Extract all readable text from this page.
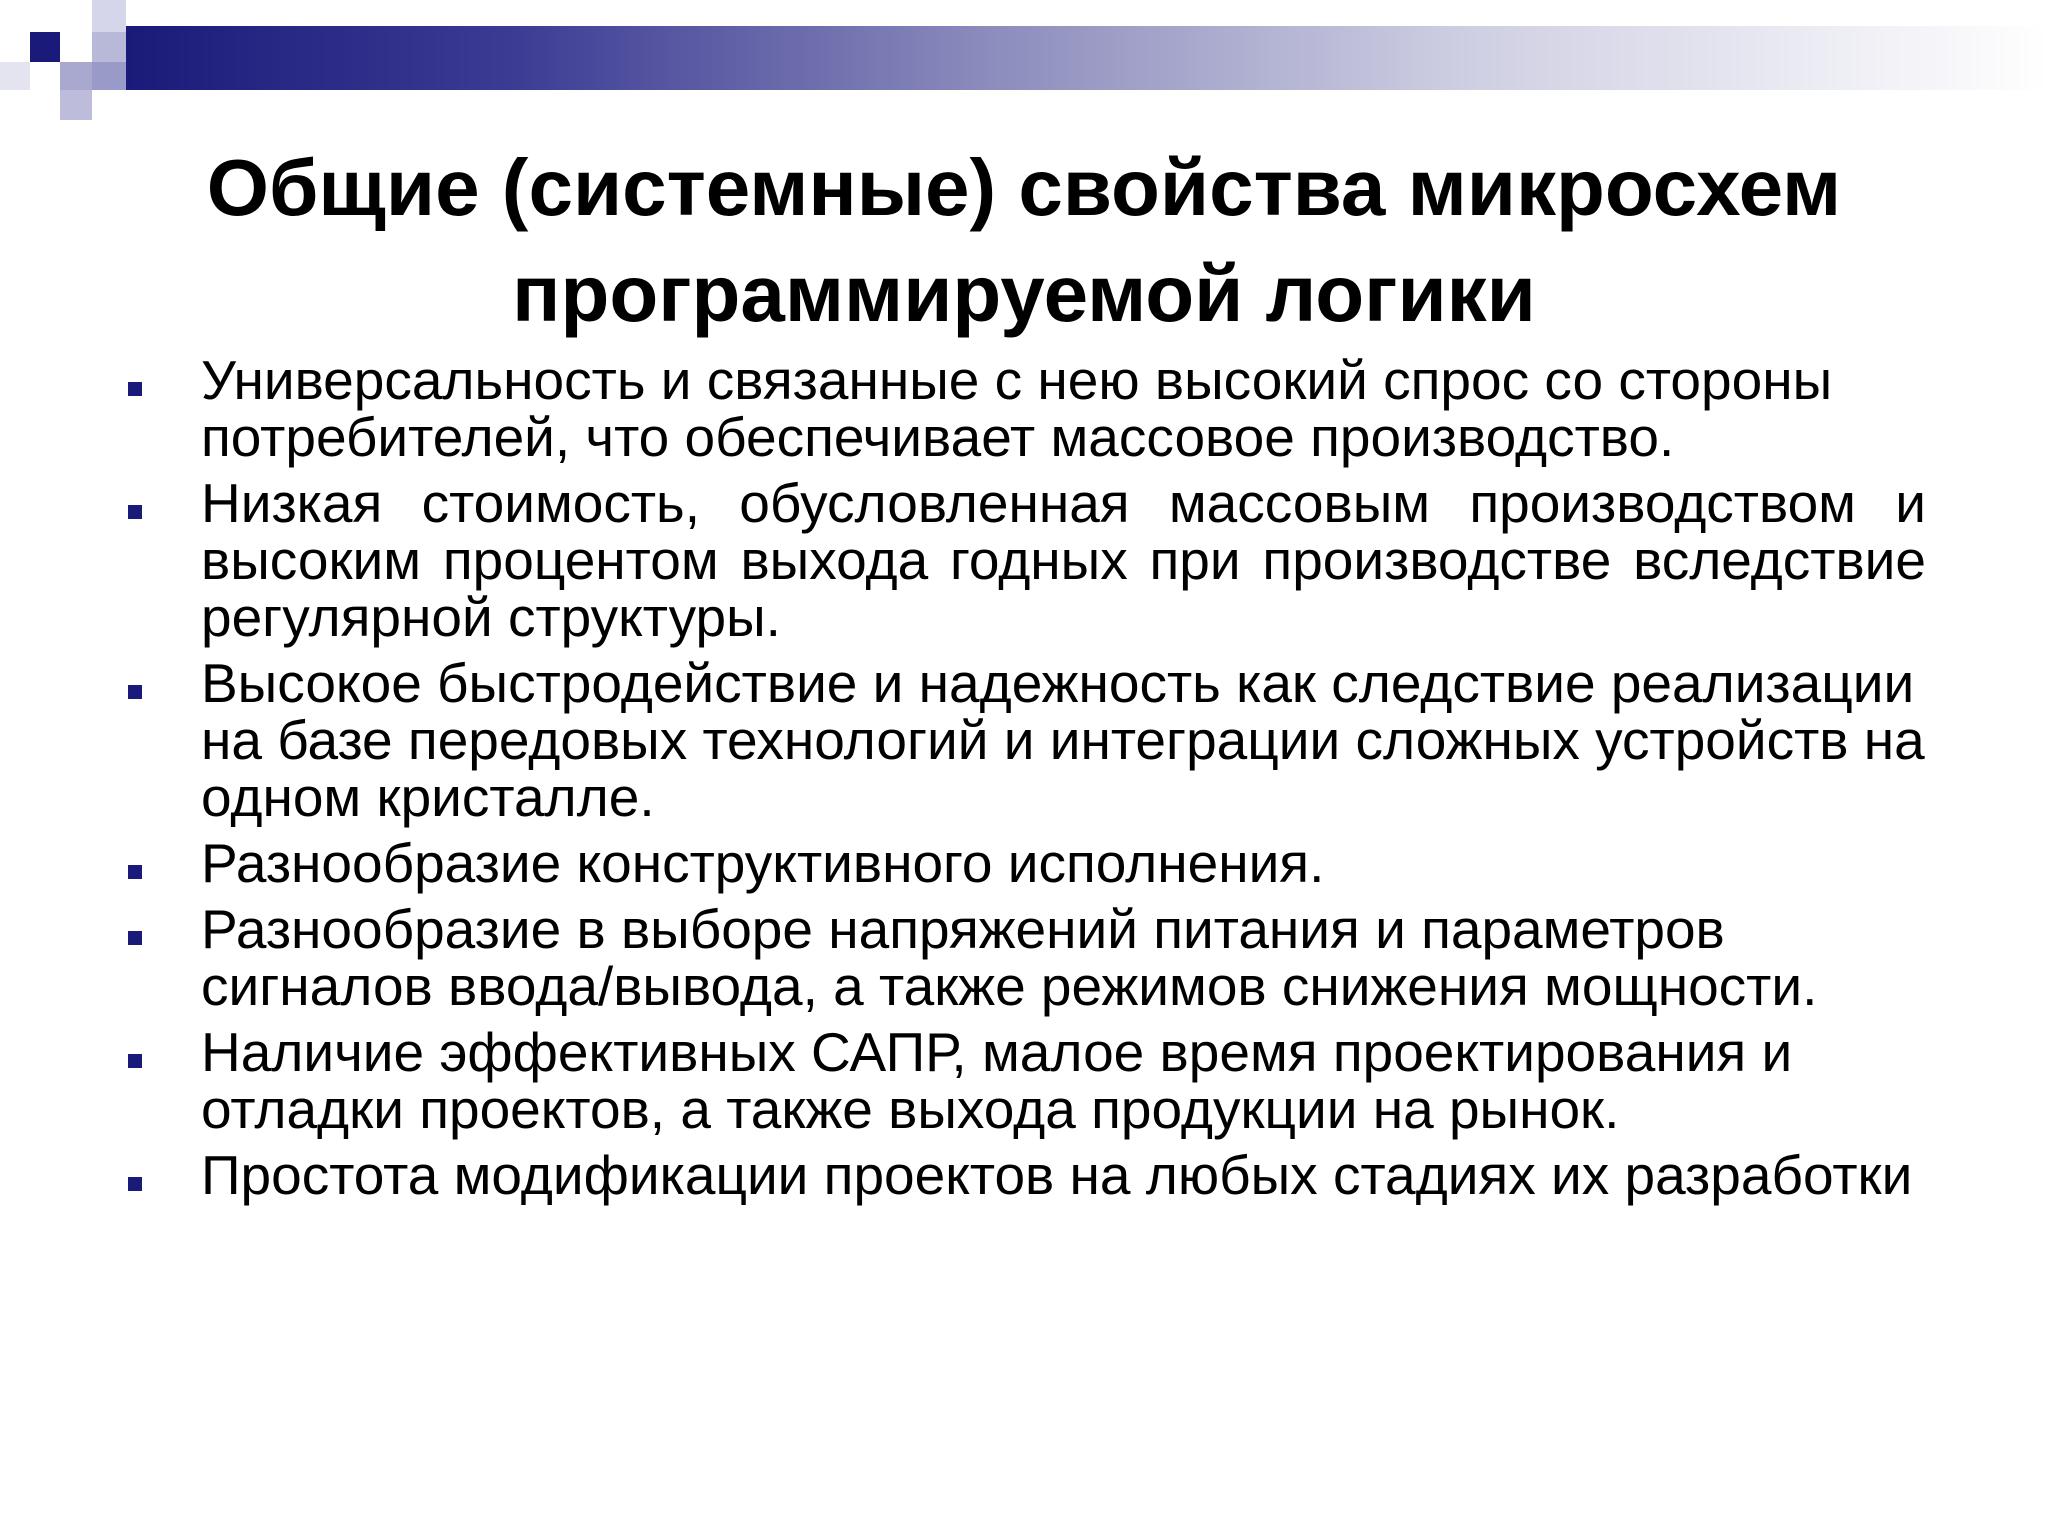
Общие (системные) свойства микросхем
программируемой логики
Универсальность и связанные с нею высокий спрос со стороны потребителей, что обеспечивает массовое производство.
Низкая стоимость, обусловленная массовым производством и высоким процентом выхода годных при производстве вследствие регулярной структуры.
Высокое быстродействие и надежность как следствие реализации на базе передовых технологий и интеграции сложных устройств на одном кристалле.
Разнообразие конструктивного исполнения.
Разнообразие в выборе напряжений питания и параметров сигналов ввода/вывода, а также режимов снижения мощности.
Наличие эффективных САПР, малое время проектирования и отладки проектов, а также выхода продукции на рынок.
Простота модификации проектов на любых стадиях их разработки
